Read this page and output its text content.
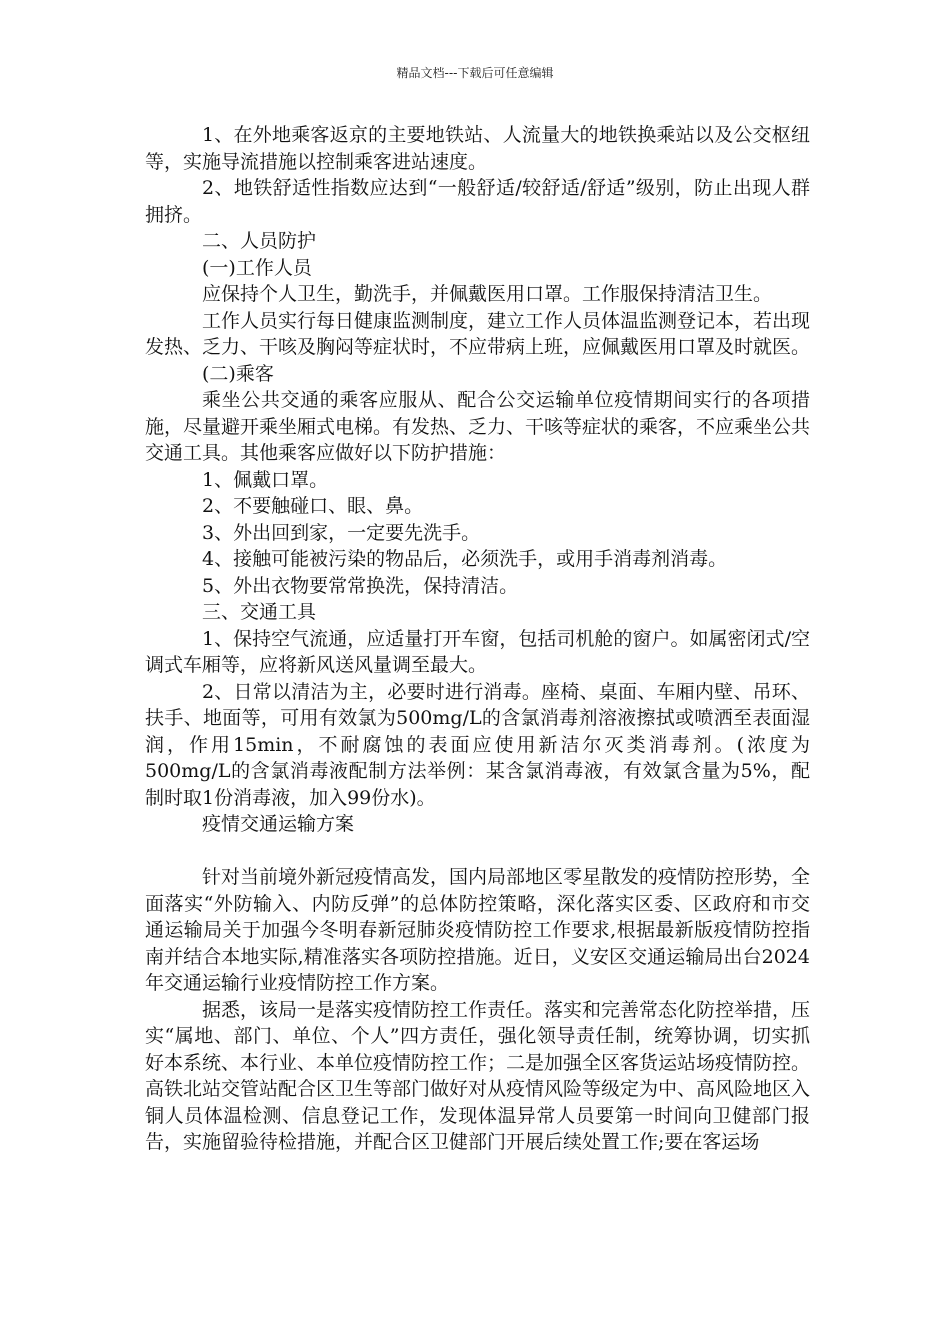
精品文档---下载后可任意编辑

1、在外地乘客返京的主要地铁站、人流量大的地铁换乘站以及公交枢纽等，实施导流措施以控制乘客进站速度。

2、地铁舒适性指数应达到“一般舒适/较舒适/舒适”级别，防止出现人群拥挤。

二、人员防护

(一)工作人员

应保持个人卫生，勤洗手，并佩戴医用口罩。工作服保持清洁卫生。

工作人员实行每日健康监测制度，建立工作人员体温监测登记本，若出现发热、乏力、干咳及胸闷等症状时，不应带病上班，应佩戴医用口罩及时就医。

(二)乘客

乘坐公共交通的乘客应服从、配合公交运输单位疫情期间实行的各项措施，尽量避开乘坐厢式电梯。有发热、乏力、干咳等症状的乘客，不应乘坐公共交通工具。其他乘客应做好以下防护措施：

1、佩戴口罩。

2、不要触碰口、眼、鼻。

3、外出回到家，一定要先洗手。

4、接触可能被污染的物品后，必须洗手，或用手消毒剂消毒。

5、外出衣物要常常换洗，保持清洁。

三、交通工具

1、保持空气流通，应适量打开车窗，包括司机舱的窗户。如属密闭式/空调式车厢等，应将新风送风量调至最大。

2、日常以清洁为主，必要时进行消毒。座椅、桌面、车厢内壁、吊环、扶手、地面等，可用有效氯为500mg/L的含氯消毒剂溶液擦拭或喷洒至表面湿润，作用15min，不耐腐蚀的表面应使用新洁尔灭类消毒剂。(浓度为500mg/L的含氯消毒液配制方法举例：某含氯消毒液，有效氯含量为5%，配制时取1份消毒液，加入99份水)。

疫情交通运输方案

针对当前境外新冠疫情高发，国内局部地区零星散发的疫情防控形势，全面落实“外防输入、内防反弹”的总体防控策略，深化落实区委、区政府和市交通运输局关于加强今冬明春新冠肺炎疫情防控工作要求,根据最新版疫情防控指南并结合本地实际,精准落实各项防控措施。近日，义安区交通运输局出台2024年交通运输行业疫情防控工作方案。

据悉，该局一是落实疫情防控工作责任。落实和完善常态化防控举措，压实“属地、部门、单位、个人”四方责任，强化领导责任制，统筹协调，切实抓好本系统、本行业、本单位疫情防控工作；二是加强全区客货运站场疫情防控。高铁北站交管站配合区卫生等部门做好对从疫情风险等级定为中、高风险地区入铜人员体温检测、信息登记工作，发现体温异常人员要第一时间向卫健部门报告，实施留验待检措施，并配合区卫健部门开展后续处置工作;要在客运场
